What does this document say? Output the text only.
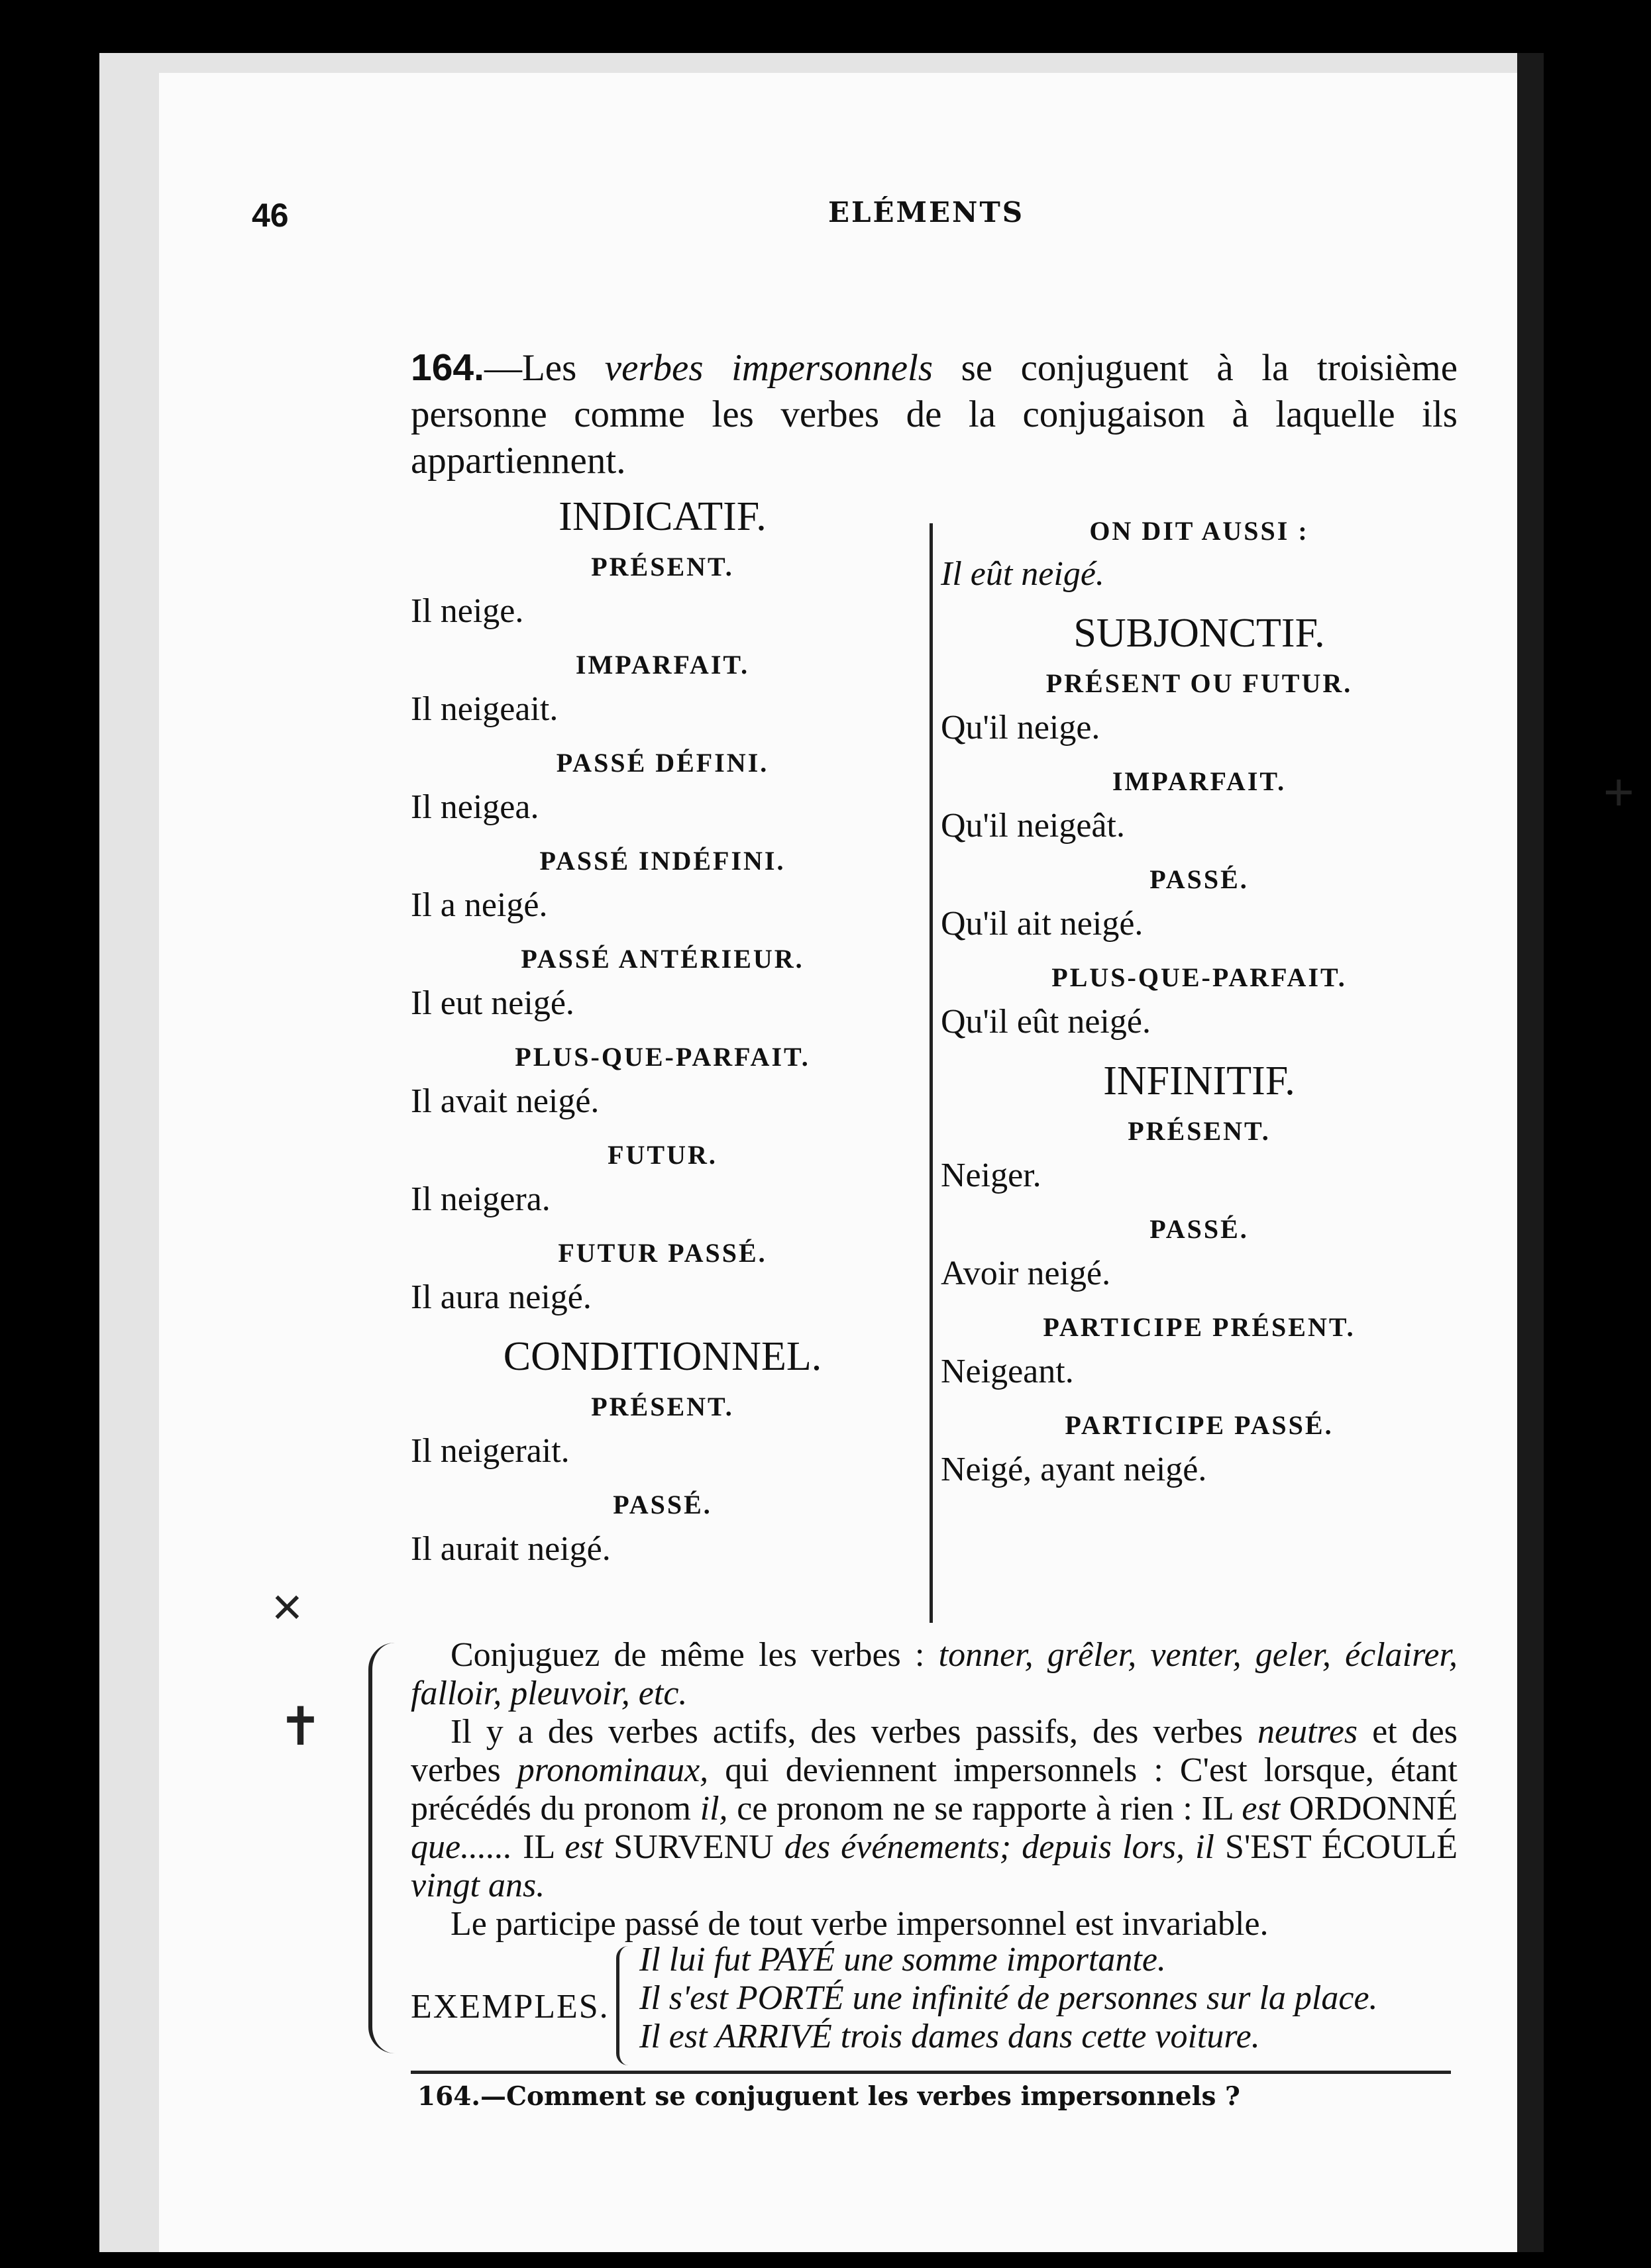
46	ELÉMENTS
164.—Les verbes impersonnels se conjuguent à la troisième personne comme les verbes de la conjugaison à laquelle ils appartiennent.
INDICATIF.
PRÉSENT.
Il neige.
IMPARFAIT.
Il neigeait.
PASSÉ DÉFINI.
Il neigea.
PASSÉ INDÉFINI.
Il a neigé.
PASSÉ ANTÉRIEUR.
Il eut neigé.
PLUS-QUE-PARFAIT.
Il avait neigé.
FUTUR.
Il neigera.
FUTUR PASSÉ.
Il aura neigé.
CONDITIONNEL.
PRÉSENT.
Il neigerait.
PASSÉ.
Il aurait neigé.
ON DIT AUSSI :
Il eût neigé.
SUBJONCTIF.
PRÉSENT OU FUTUR.
Qu'il neige.
IMPARFAIT.
Qu'il neigeât.
PASSÉ.
Qu'il ait neigé.
PLUS-QUE-PARFAIT.
Qu'il eût neigé.
INFINITIF.
PRÉSENT.
Neiger.
PASSÉ.
Avoir neigé.
PARTICIPE PRÉSENT.
Neigeant.
PARTICIPE PASSÉ.
Neigé, ayant neigé.

Conjuguez de même les verbes : tonner, grêler, venter, geler, éclairer, falloir, pleuvoir, etc.

Il y a des verbes actifs, des verbes passifs, des verbes neutres et des verbes pronominaux, qui deviennent impersonnels : C'est lorsque, étant précédés du pronom il, ce pronom ne se rapporte à rien : IL est ORDONNÉ que...... IL est SURVENU des événements; depuis lors, il S'EST ÉCOULÉ vingt ans.

Le participe passé de tout verbe impersonnel est invariable.

EXEMPLES.
Il lui fut PAYÉ une somme importante.
Il s'est PORTÉ une infinité de personnes sur la place.
Il est ARRIVÉ trois dames dans cette voiture.
164.—Comment se conjuguent les verbes impersonnels ?
×
✝
+
